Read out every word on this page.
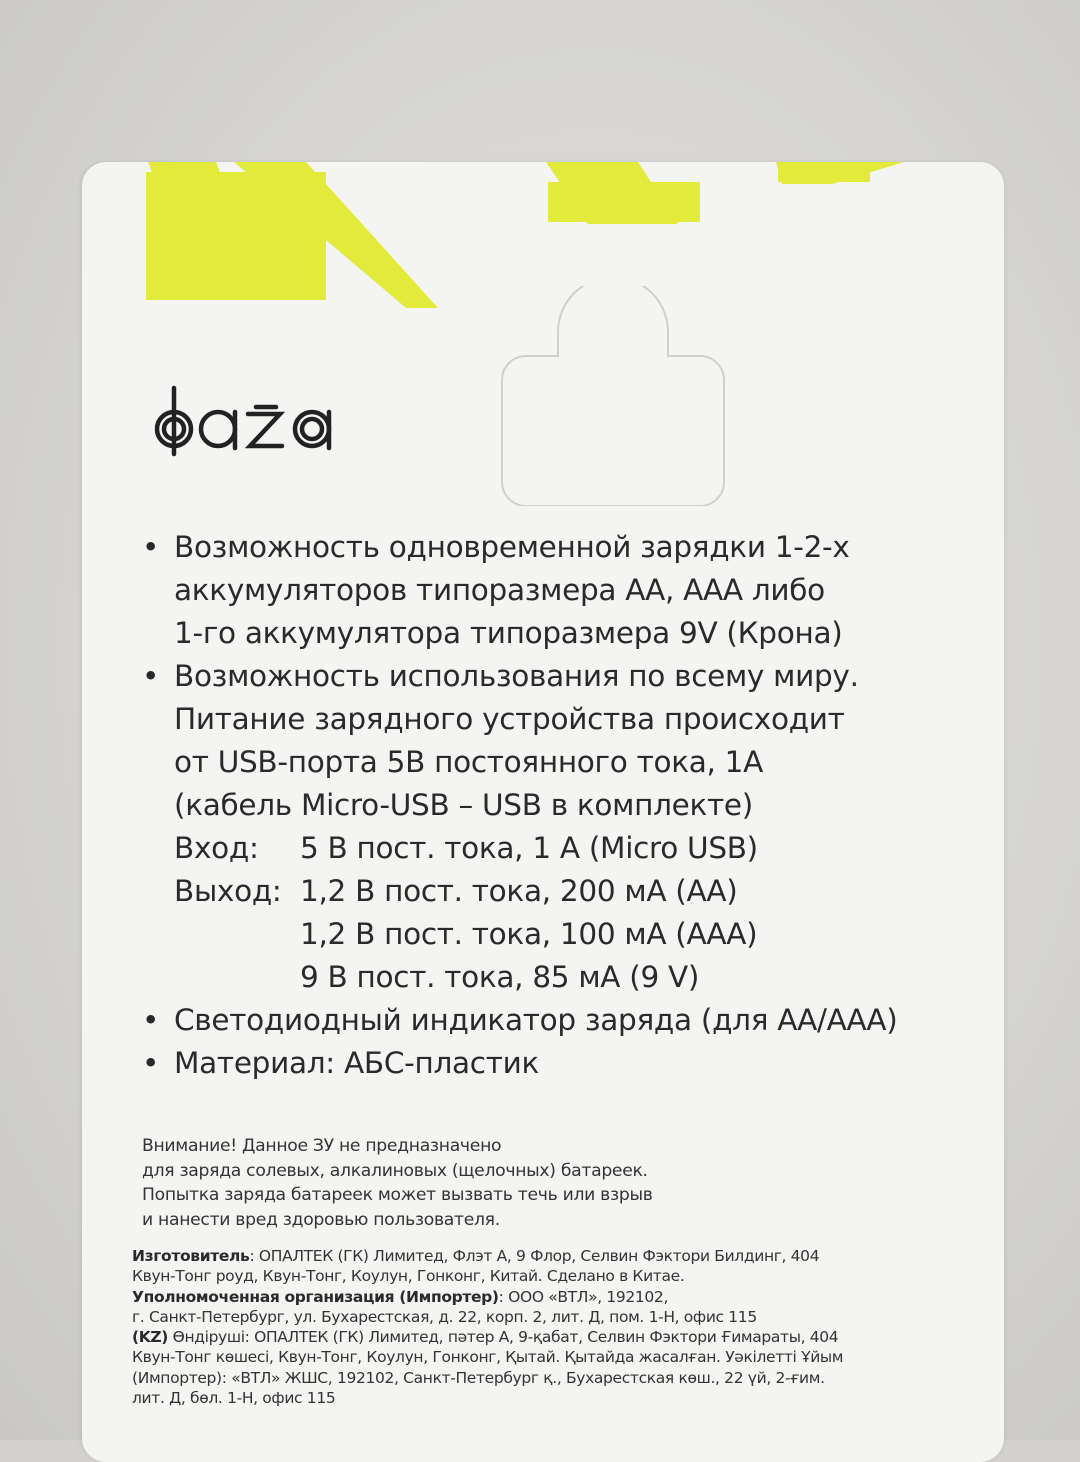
• Возможность одновременной зарядки 1-2-х
аккумуляторов типоразмера АА, ААА либо
1-го аккумулятора типоразмера 9V (Крона)
• Возможность использования по всему миру.
Питание зарядного устройства происходит
от USB-порта 5В постоянного тока, 1А
(кабель Micro-USB – USB в комплекте)
Вход:	5 В пост. тока, 1 А (Micro USB)
Выход: 1,2 В пост. тока, 200 мА (АА)
1,2 В пост. тока, 100 мА (ААА)
9 В пост. тока, 85 мА (9 V)
• Светодиодный индикатор заряда (для АА/ААА)
• Материал: АБС-пластик
Внимание! Данное ЗУ не предназначено
для заряда солевых, алкалиновых (щелочных) батареек.
Попытка заряда батареек может вызвать течь или взрыв
и нанести вред здоровью пользователя.
Изготовитель: ОПАЛТЕК (ГК) Лимитед, Флэт А, 9 Флор, Селвин Фэктори Билдинг, 404
Квун-Тонг роуд, Квун-Тонг, Коулун, Гонконг, Китай. Сделано в Китае.
Уполномоченная организация (Импортер): ООО «ВТЛ», 192102,
г. Санкт-Петербург, ул. Бухарестская, д. 22, корп. 2, лит. Д, пом. 1-Н, офис 115
(KZ) Өндіруші: ОПАЛТЕК (ГК) Лимитед, пәтер А, 9-қабат, Селвин Фэктори Ғимараты, 404
Квун-Тонг көшесі, Квун-Тонг, Коулун, Гонконг, Қытай. Қытайда жасалған. Уәкілетті Ұйым
(Импортер): «ВТЛ» ЖШС, 192102, Санкт-Петербург қ., Бухарестская көш., 22 үй, 2-ғим.
лит. Д, бөл. 1-Н, офис 115
